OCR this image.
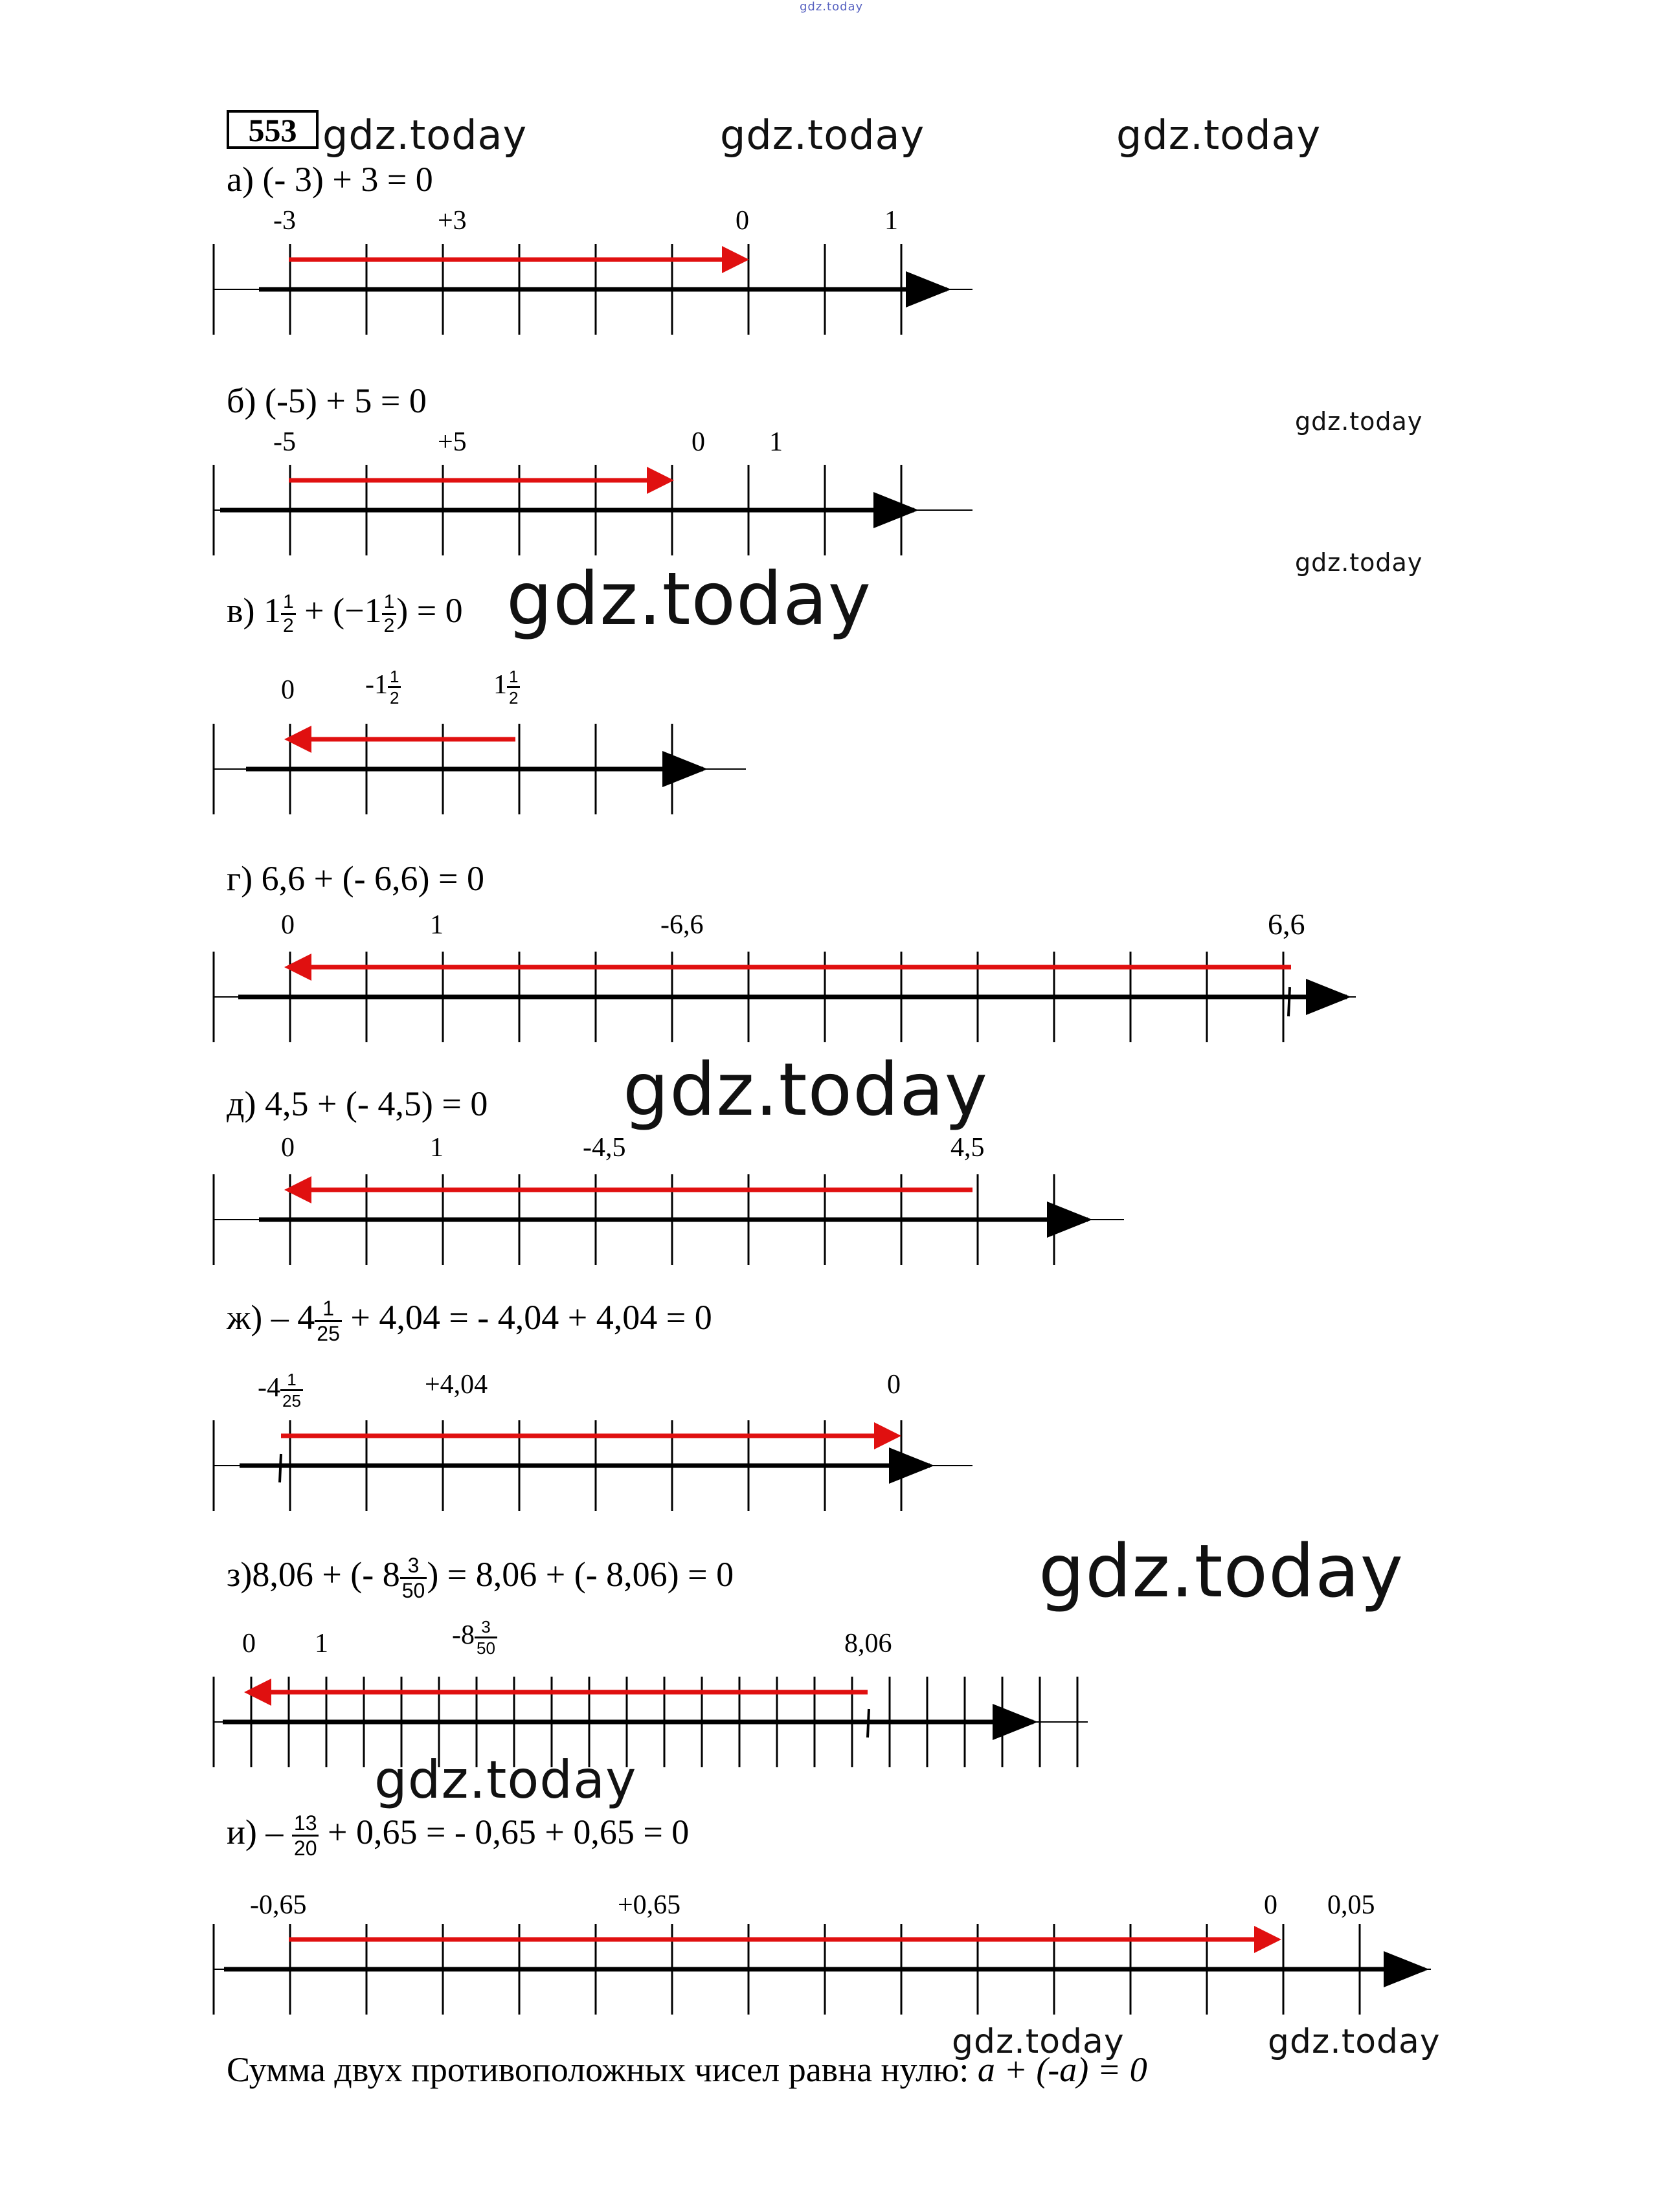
gdz.today
553 gdz.today	gdz.today	gdz.today
а) (- 3) + 3 = 0
-3	+3	0	1
б) (-5) + 5 = 0
gdz.today
-5	+5	0 1
gdz.today
в) $1 \frac{1}{2} + (-1 \frac{1}{2}$ ) = 0 gdz.today
0	$-1 \frac{1}{2}$	$1 \frac{1}{2}$
г) 6,6 + (- 6,6) = 0
0	1	-6,6	6,6
д) 4,5 + (- 4,5) = 0 gdz.today
0	1	-4,5	4,5
$ж) - 4 \frac{1}{25} + 4,04$ = - 4,04 + 4,04 = 0
$-4 \frac{1}{25}$	+4,04	0
з)8,06 + (- $8 \frac{3}{50}$ ) = 8,06 + (- 8,06) = 0	gdz.today
0 1	$-8 \frac{3}{50}$	8,06
gdz.today
$и) - \frac{13}{20} + 0,65$ = - 0,65 + 0,65 = 0
-0,65	+0,65	0 0,05
gdz.today	gdz.today
Сумма двух противоположных чисел равна нулю: a + (-a) = 0
